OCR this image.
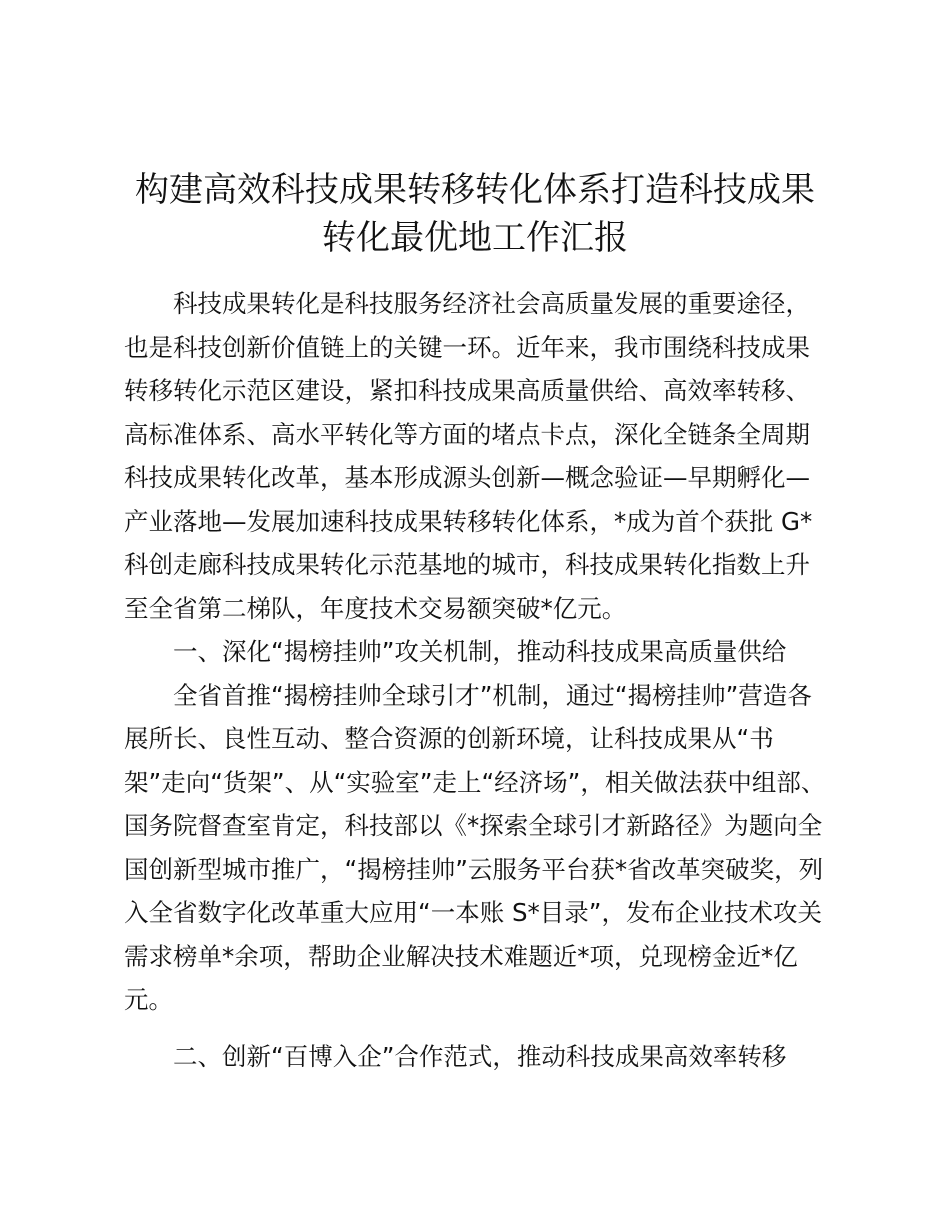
构建高效科技成果转移转化体系打造科技成果
转化最优地工作汇报
科技成果转化是科技服务经济社会高质量发展的重要途径，
也是科技创新价值链上的关键一环。近年来，我市围绕科技成果
转移转化示范区建设，紧扣科技成果高质量供给、高效率转移、
高标准体系、高水平转化等方面的堵点卡点，深化全链条全周期
科技成果转化改革，基本形成源头创新—概念验证—早期孵化—
产业落地—发展加速科技成果转移转化体系，*成为首个获批 G*
科创走廊科技成果转化示范基地的城市，科技成果转化指数上升
至全省第二梯队，年度技术交易额突破*亿元。
一、深化“揭榜挂帅”攻关机制，推动科技成果高质量供给
全省首推“揭榜挂帅全球引才”机制，通过“揭榜挂帅”营造各
展所长、良性互动、整合资源的创新环境，让科技成果从“书
架”走向“货架”、从“实验室”走上“经济场”，相关做法获中组部、
国务院督查室肯定，科技部以《*探索全球引才新路径》为题向全
国创新型城市推广，“揭榜挂帅”云服务平台获*省改革突破奖，列
入全省数字化改革重大应用“一本账 S*目录”，发布企业技术攻关
需求榜单*余项，帮助企业解决技术难题近*项，兑现榜金近*亿
元。
二、创新“百博入企”合作范式，推动科技成果高效率转移
